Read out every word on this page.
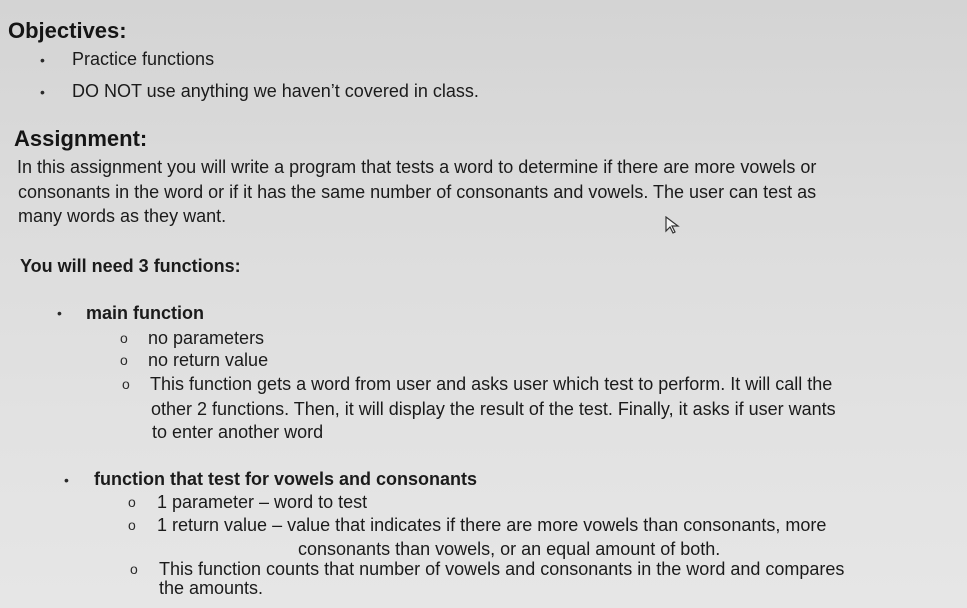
Objectives:
• Practice functions
• DO NOT use anything we haven’t covered in class.
Assignment:
In this assignment you will write a program that tests a word to determine if there are more vowels or
consonants in the word or if it has the same number of consonants and vowels. The user can test as
many words as they want.
You will need 3 functions:
• main function
o no parameters
o no return value
o This function gets a word from user and asks user which test to perform. It will call the
other 2 functions. Then, it will display the result of the test. Finally, it asks if user wants
to enter another word
• function that test for vowels and consonants
o 1 parameter – word to test
o 1 return value – value that indicates if there are more vowels than consonants, more
consonants than vowels, or an equal amount of both.
o This function counts that number of vowels and consonants in the word and compares
the amounts.
